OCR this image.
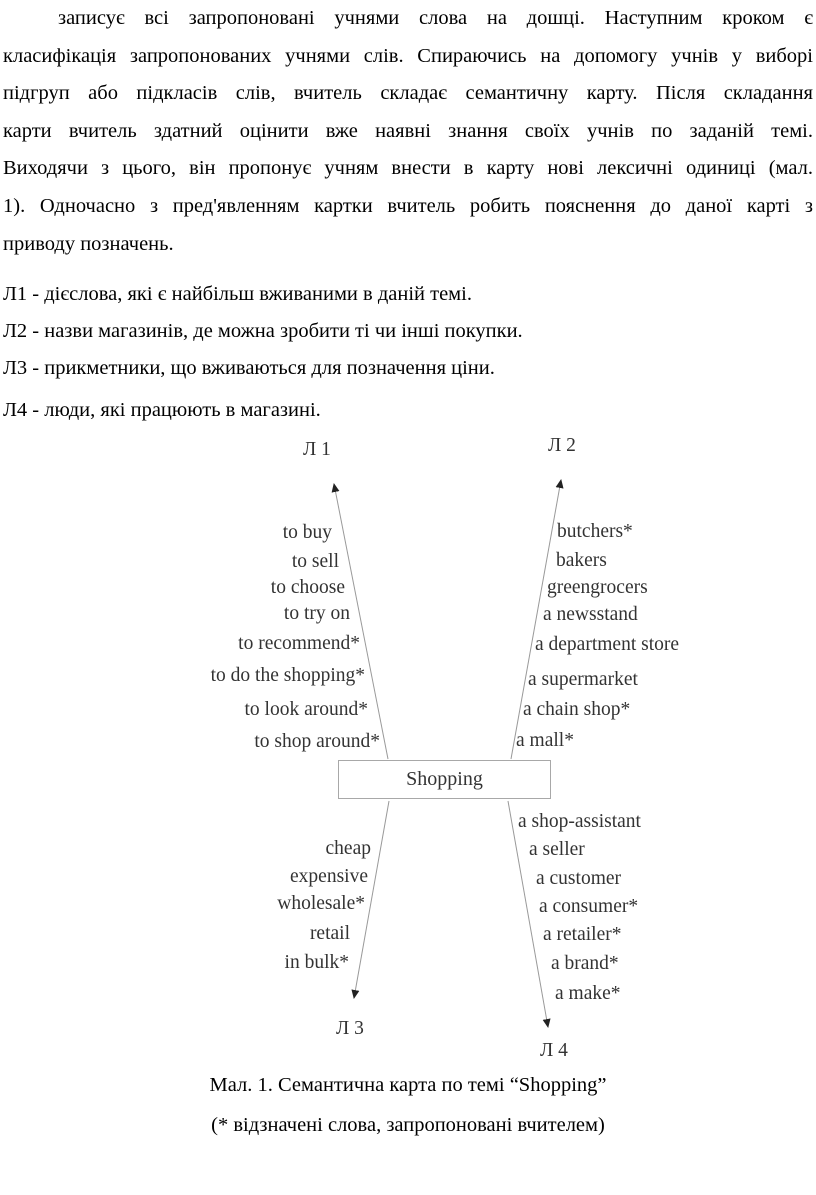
записує всі запропоновані учнями слова на дошці. Наступним кроком є
класифікація запропонованих учнями слів. Спираючись на допомогу учнів у виборі
підгруп або підкласів слів, вчитель складає семантичну карту. Після складання
карти вчитель здатний оцінити вже наявні знання своїх учнів по заданій темі.
Виходячи з цього, він пропонує учням внести в карту нові лексичні одиниці (мал.
1). Одночасно з пред'явленням картки вчитель робить пояснення до даної карті з
приводу позначень.
Л1 - дієслова, які є найбільш вживаними в даній темі.
Л2 - назви магазинів, де можна зробити ті чи інші покупки.
Л3 - прикметники, що вживаються для позначення ціни.
Л4 - люди, які працюють в магазині.
Л 1	Л 2
Л 3
Л 4
to buy
to sell
to choose
to try on
to recommend*
to do the shopping*
to look around*
to shop around*
butchers*
bakers
greengrocers
a newsstand
a department store
a supermarket
a chain shop*
a mall*
Shopping
cheap
expensive
wholesale*
retail
in bulk*
a shop-assistant
a seller
a customer
a consumer*
a retailer*
a brand*
a make*
Мал. 1. Семантична карта по темі “Shopping”
(* відзначені слова, запропоновані вчителем)
